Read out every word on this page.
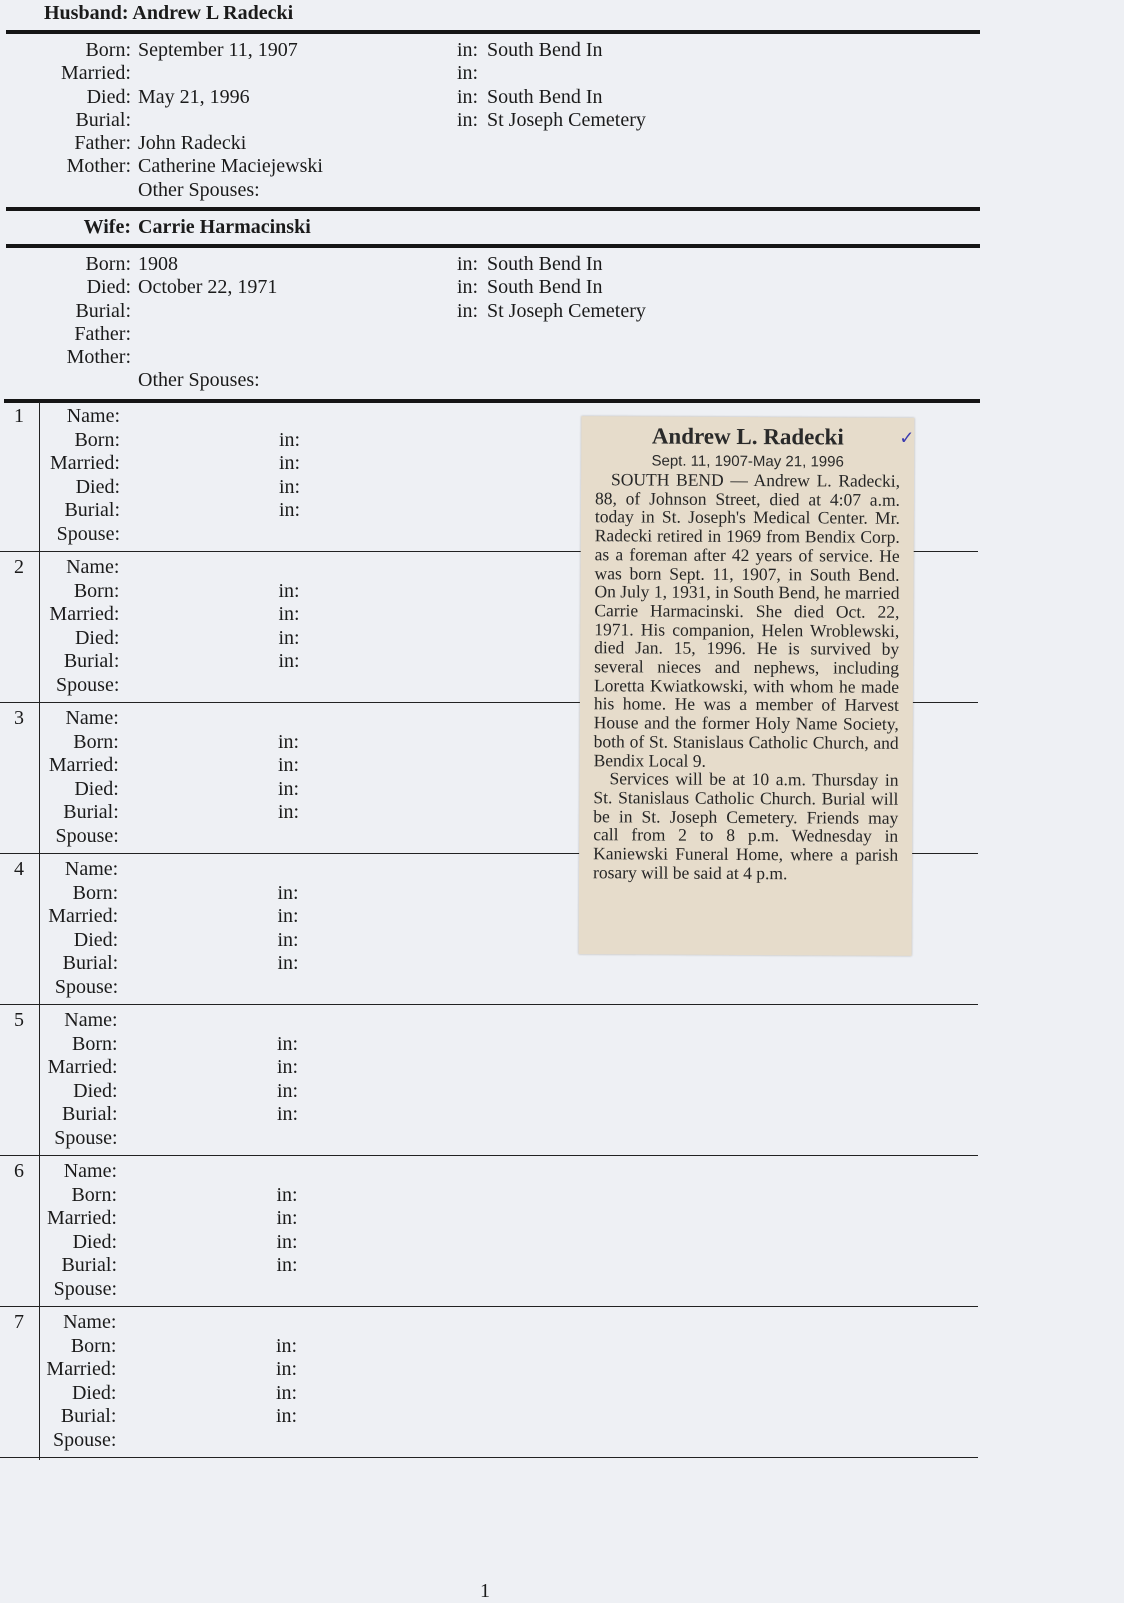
Husband: Andrew L Radecki
Born: September 11, 1907	in: South Bend In
Married:	in:
Died: May 21, 1996	in: South Bend In
Burial:	in: St Joseph Cemetery
Father: John Radecki
Mother: Catherine Maciejewski
Other Spouses:
Wife: Carrie Harmacinski
Born: 1908	in: South Bend In
Died: October 22, 1971	in: South Bend In
Burial:	in: St Joseph Cemetery
Father:
Mother:
Other Spouses:
1	Name:
Born:	in:
Married:	in:
Died:	in:
Burial:	in:
Spouse:
2	Name:
Born:	in:
Married:	in:
Died:	in:
Burial:	in:
Spouse:
3	Name:
Born:	in:
Married:	in:
Died:	in:
Burial:	in:
Spouse:
4	Name:
Born:	in:
Married:	in:
Died:	in:
Burial:	in:
Spouse:
5	Name:
Born:	in:
Married:	in:
Died:	in:
Burial:	in:
Spouse:
6	Name:
Born:	in:
Married:	in:
Died:	in:
Burial:	in:
Spouse:
7	Name:
Born:	in:
Married:	in:
Died:	in:
Burial:	in:
Spouse:
Andrew L. Radecki	✓
Sept. 11, 1907-May 21, 1996

SOUTH BEND — Andrew L. Radecki, 88, of Johnson Street, died at 4:07 a.m. today in St. Joseph's Medical Center. Mr. Radecki retired in 1969 from Bendix Corp. as a foreman after 42 years of service. He was born Sept. 11, 1907, in South Bend. On July 1, 1931, in South Bend, he married Carrie Harmacinski. She died Oct. 22, 1971. His companion, Helen Wroblewski, died Jan. 15, 1996. He is survived by several nieces and nephews, including Loretta Kwiatkowski, with whom he made his home. He was a member of Harvest House and the former Holy Name Society, both of St. Stanislaus Catholic Church, and Bendix Local 9.

Services will be at 10 a.m. Thursday in St. Stanislaus Catholic Church. Burial will be in St. Joseph Cemetery. Friends may call from 2 to 8 p.m. Wednesday in Kaniewski Funeral Home, where a parish rosary will be said at 4 p.m.

1
